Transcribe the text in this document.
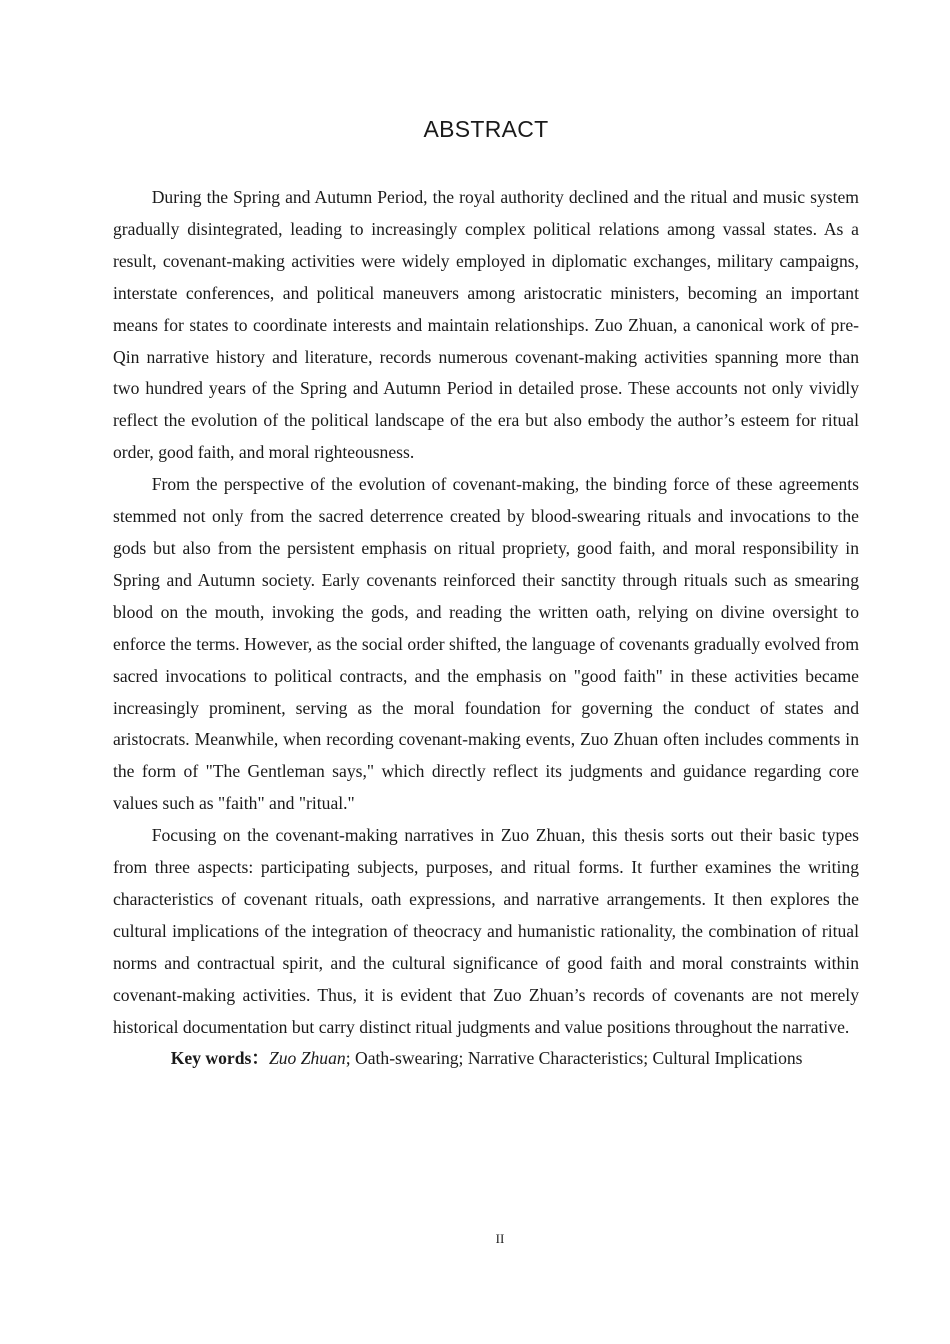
ABSTRACT

During the Spring and Autumn Period, the royal authority declined and the ritual and music system gradually disintegrated, leading to increasingly complex political relations among vassal states. As a result, covenant-making activities were widely employed in diplomatic exchanges, military campaigns, interstate conferences, and political maneuvers among aristocratic ministers, becoming an important means for states to coordinate interests and maintain relationships. Zuo Zhuan, a canonical work of pre-Qin narrative history and literature, records numerous covenant-making activities spanning more than two hundred years of the Spring and Autumn Period in detailed prose. These accounts not only vividly reflect the evolution of the political landscape of the era but also embody the author’s esteem for ritual order, good faith, and moral righteousness.

From the perspective of the evolution of covenant-making, the binding force of these agreements stemmed not only from the sacred deterrence created by blood-swearing rituals and invocations to the gods but also from the persistent emphasis on ritual propriety, good faith, and moral responsibility in Spring and Autumn society. Early covenants reinforced their sanctity through rituals such as smearing blood on the mouth, invoking the gods, and reading the written oath, relying on divine oversight to enforce the terms. However, as the social order shifted, the language of covenants gradually evolved from sacred invocations to political contracts, and the emphasis on "good faith" in these activities became increasingly prominent, serving as the moral foundation for governing the conduct of states and aristocrats. Meanwhile, when recording covenant-making events, Zuo Zhuan often includes comments in the form of "The Gentleman says," which directly reflect its judgments and guidance regarding core values such as "faith" and "ritual."

Focusing on the covenant-making narratives in Zuo Zhuan, this thesis sorts out their basic types from three aspects: participating subjects, purposes, and ritual forms. It further examines the writing characteristics of covenant rituals, oath expressions, and narrative arrangements. It then explores the cultural implications of the integration of theocracy and humanistic rationality, the combination of ritual norms and contractual spirit, and the cultural significance of good faith and moral constraints within covenant-making activities. Thus, it is evident that Zuo Zhuan’s records of covenants are not merely historical documentation but carry distinct ritual judgments and value positions throughout the narrative.

Key words：Zuo Zhuan; Oath-swearing; Narrative Characteristics; Cultural Implications

II
